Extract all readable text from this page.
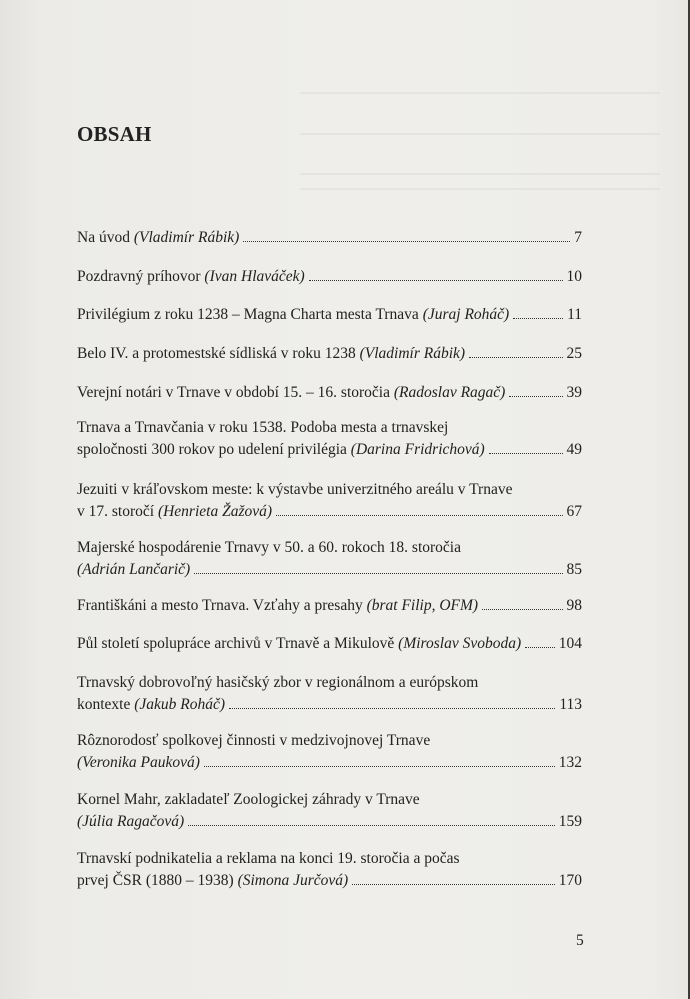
OBSAH
Na úvod
(Vladimír Rábik)	7
Pozdravný príhovor
(Ivan Hlaváček)	10
Privilégium z roku 1238 – Magna Charta mesta Trnava
(Juraj Roháč)	11
Belo IV. a protomestské sídliská v roku 1238
(Vladimír Rábik)	25
Verejní notári v Trnave v období 15. – 16. storočia
(Radoslav Ragač)	39
Trnava a Trnavčania v roku 1538. Podoba mesta a trnavskej
spoločnosti 300 rokov po udelení privilégia
(Darina Fridrichová)	49
Jezuiti v kráľovskom meste: k výstavbe univerzitného areálu v Trnave
v 17. storočí
(Henrieta Žažová)	67
Majerské hospodárenie Trnavy v 50. a 60. rokoch 18. storočia
(Adrián Lančarič)	85
Františkáni a mesto Trnava. Vzťahy a presahy
(brat Filip, OFM)	98
Půl století spolupráce archivů v Trnavě a Mikulově
(Miroslav Svoboda) 104
Trnavský dobrovoľný hasičský zbor v regionálnom a európskom
kontexte
(Jakub Roháč)	113
Rôznorodosť spolkovej činnosti v medzivojnovej Trnave
(Veronika Pauková)	132
Kornel Mahr, zakladateľ Zoologickej záhrady v Trnave
(Júlia Ragačová)	159
Trnavskí podnikatelia a reklama na konci 19. storočia a počas
prvej ČSR (1880 – 1938)
(Simona Jurčová)	170
5
